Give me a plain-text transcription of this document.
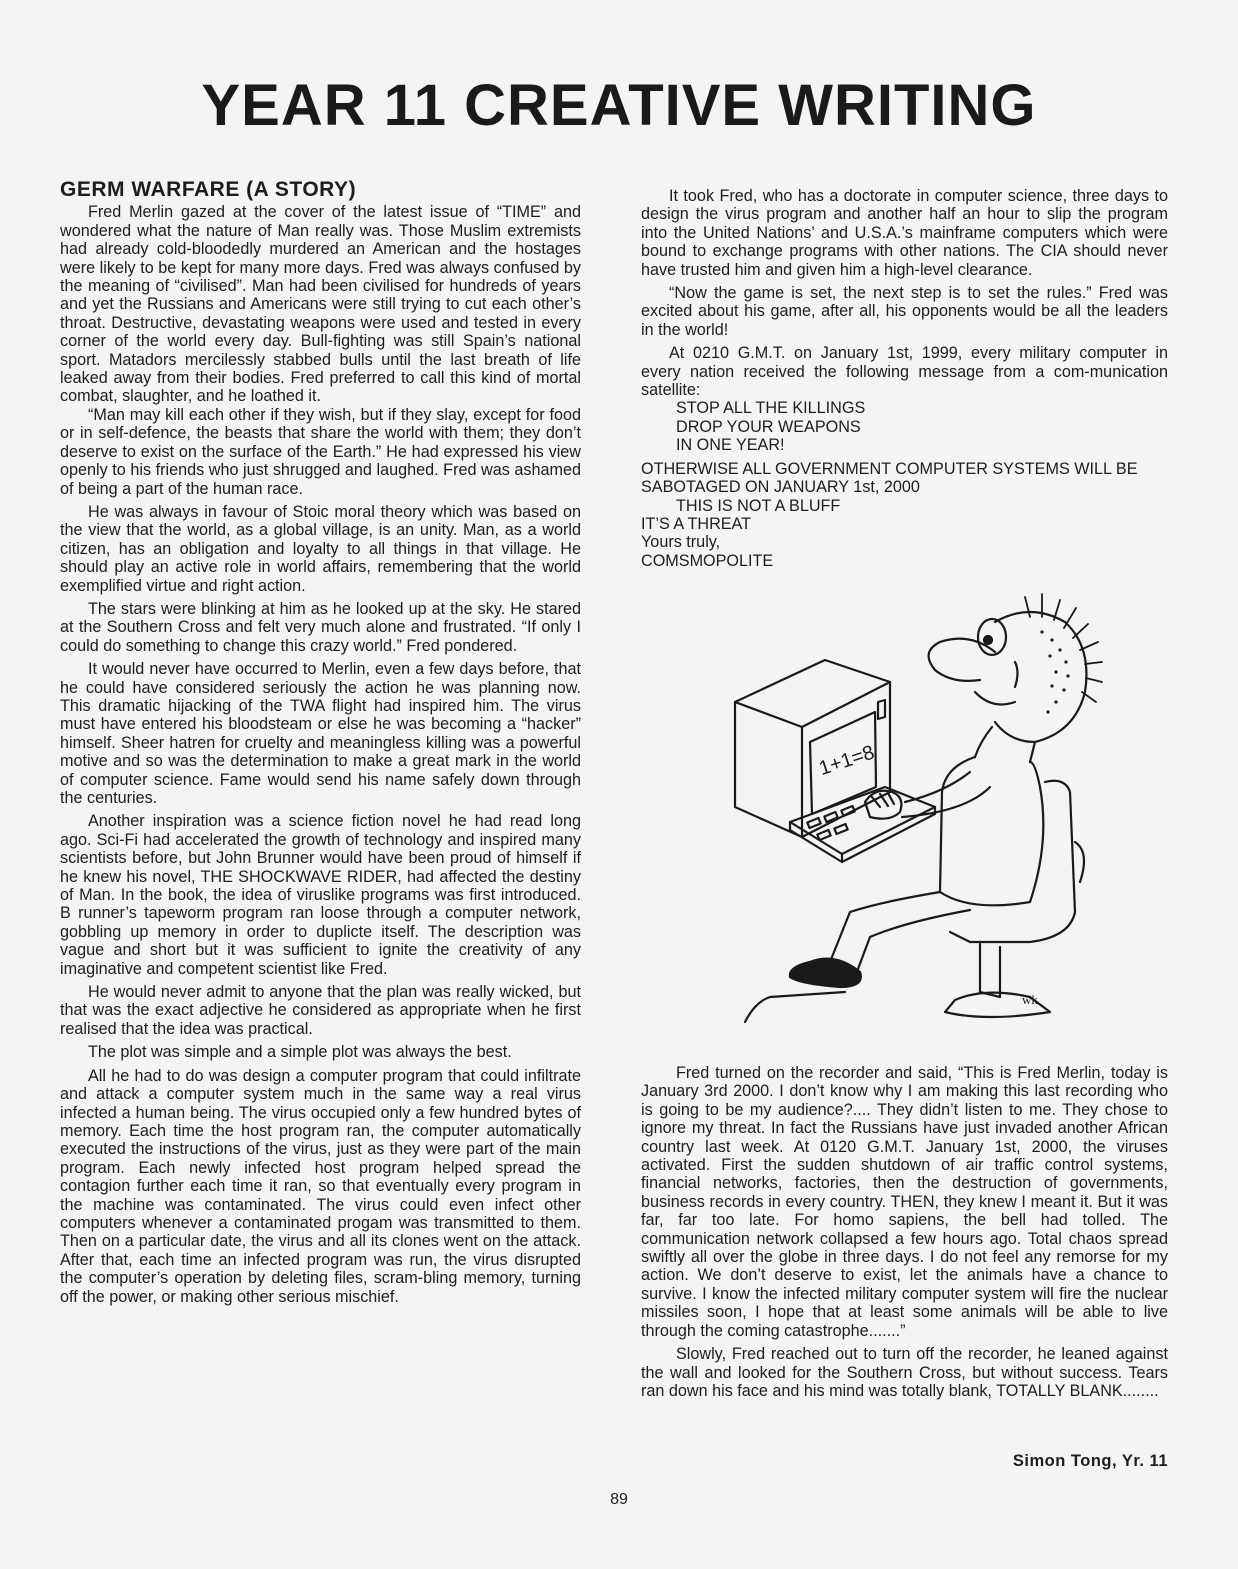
YEAR 11 CREATIVE WRITING
GERM WARFARE (A STORY)

Fred Merlin gazed at the cover of the latest issue of “TIME” and wondered what the nature of Man really was. Those Muslim extremists had already cold-bloodedly murdered an American and the hostages were likely to be kept for many more days. Fred was always confused by the meaning of “civilised”. Man had been civilised for hundreds of years and yet the Russians and Americans were still trying to cut each other’s throat. Destructive, devastating weapons were used and tested in every corner of the world every day. Bull-fighting was still Spain’s national sport. Matadors mercilessly stabbed bulls until the last breath of life leaked away from their bodies. Fred preferred to call this kind of mortal combat, slaughter, and he loathed it.

“Man may kill each other if they wish, but if they slay, except for food or in self-defence, the beasts that share the world with them; they don’t deserve to exist on the surface of the Earth.” He had expressed his view openly to his friends who just shrugged and laughed. Fred was ashamed of being a part of the human race.

He was always in favour of Stoic moral theory which was based on the view that the world, as a global village, is an unity. Man, as a world citizen, has an obligation and loyalty to all things in that village. He should play an active role in world affairs, remembering that the world exemplified virtue and right action.

The stars were blinking at him as he looked up at the sky. He stared at the Southern Cross and felt very much alone and frustrated. “If only I could do something to change this crazy world.” Fred pondered.

It would never have occurred to Merlin, even a few days before, that he could have considered seriously the action he was planning now. This dramatic hijacking of the TWA flight had inspired him. The virus must have entered his bloodsteam or else he was becoming a “hacker” himself. Sheer hatren for cruelty and meaningless killing was a powerful motive and so was the determination to make a great mark in the world of computer science. Fame would send his name safely down through the centuries.

Another inspiration was a science fiction novel he had read long ago. Sci-Fi had accelerated the growth of technology and inspired many scientists before, but John Brunner would have been proud of himself if he knew his novel, THE SHOCKWAVE RIDER, had affected the destiny of Man. In the book, the idea of viruslike programs was first introduced. B runner’s tapeworm program ran loose through a computer network, gobbling up memory in order to duplicte itself. The description was vague and short but it was sufficient to ignite the creativity of any imaginative and competent scientist like Fred.

He would never admit to anyone that the plan was really wicked, but that was the exact adjective he considered as appropriate when he first realised that the idea was practical.

The plot was simple and a simple plot was always the best.

All he had to do was design a computer program that could infiltrate and attack a computer system much in the same way a real virus infected a human being. The virus occupied only a few hundred bytes of memory. Each time the host program ran, the computer automatically executed the instructions of the virus, just as they were part of the main program. Each newly infected host program helped spread the contagion further each time it ran, so that eventually every program in the machine was contaminated. The virus could even infect other computers whenever a contaminated progam was transmitted to them. Then on a particular date, the virus and all its clones went on the attack. After that, each time an infected program was run, the virus disrupted the computer’s operation by deleting files, scram-bling memory, turning off the power, or making other serious mischief.

It took Fred, who has a doctorate in computer science, three days to design the virus program and another half an hour to slip the program into the United Nations’ and U.S.A.’s mainframe computers which were bound to exchange programs with other nations. The CIA should never have trusted him and given him a high-level clearance.

“Now the game is set, the next step is to set the rules.” Fred was excited about his game, after all, his opponents would be all the leaders in the world!

At 0210 G.M.T. on January 1st, 1999, every military computer in every nation received the following message from a com-munication satellite:

STOP ALL THE KILLINGS
DROP YOUR WEAPONS
IN ONE YEAR!
OTHERWISE ALL GOVERNMENT COMPUTER SYSTEMS WILL BE SABOTAGED ON JANUARY 1st, 2000
THIS IS NOT A BLUFF
IT’S A THREAT
Yours truly,
COMSMOPOLITE
1+1=8
wk

Fred turned on the recorder and said, “This is Fred Merlin, today is January 3rd 2000. I don’t know why I am making this last recording who is going to be my audience?.... They didn’t listen to me. They chose to ignore my threat. In fact the Russians have just invaded another African country last week. At 0120 G.M.T. January 1st, 2000, the viruses activated. First the sudden shutdown of air traffic control systems, financial networks, factories, then the destruction of governments, business records in every country. THEN, they knew I meant it. But it was far, far too late. For homo sapiens, the bell had tolled. The communication network collapsed a few hours ago. Total chaos spread swiftly all over the globe in three days. I do not feel any remorse for my action. We don’t deserve to exist, let the animals have a chance to survive. I know the infected military computer system will fire the nuclear missiles soon, I hope that at least some animals will be able to live through the coming catastrophe.......”

Slowly, Fred reached out to turn off the recorder, he leaned against the wall and looked for the Southern Cross, but without success. Tears ran down his face and his mind was totally blank, TOTALLY BLANK........

Simon Tong, Yr. 11
89
